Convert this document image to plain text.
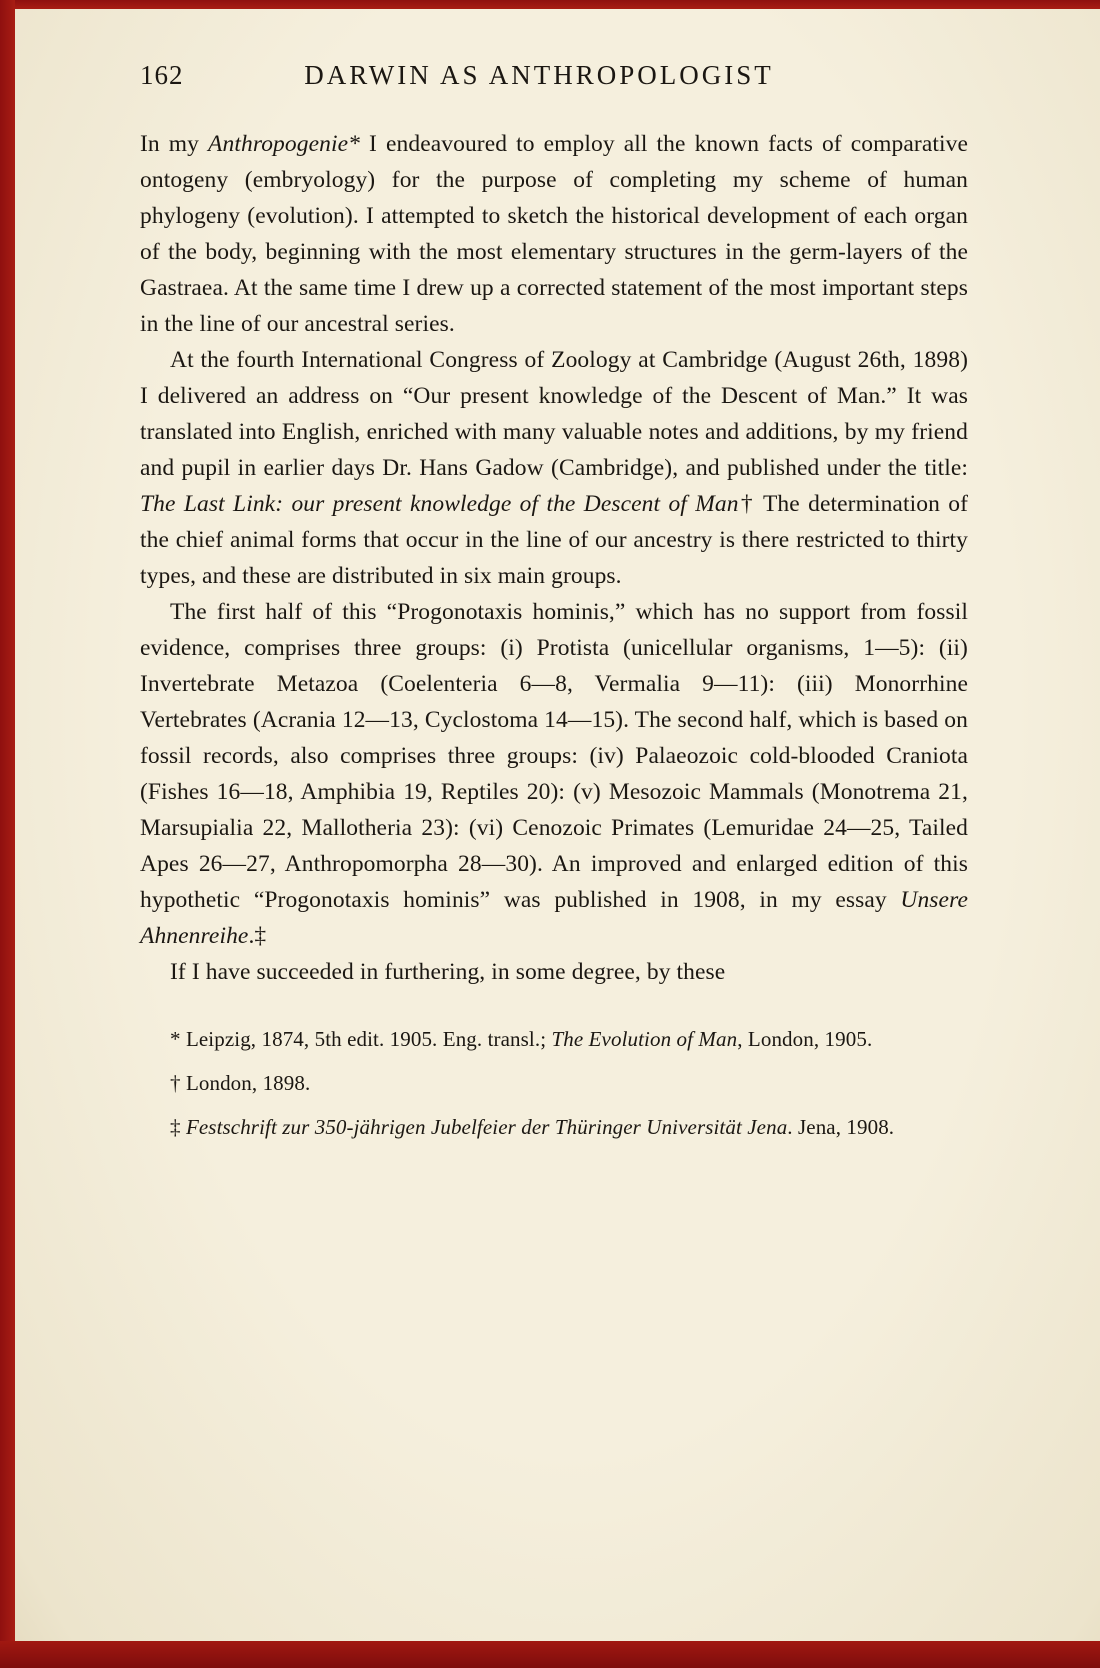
162	DARWIN AS ANTHROPOLOGIST

In my Anthropogenie* I endeavoured to employ all the known facts of comparative ontogeny (embryology) for the purpose of completing my scheme of human phylogeny (evolution). I attempted to sketch the historical development of each organ of the body, beginning with the most elementary structures in the germ-layers of the Gastraea. At the same time I drew up a corrected statement of the most important steps in the line of our ancestral series.

At the fourth International Congress of Zoology at Cambridge (August 26th, 1898) I delivered an address on “Our present knowledge of the Descent of Man.” It was translated into English, enriched with many valuable notes and additions, by my friend and pupil in earlier days Dr. Hans Gadow (Cambridge), and published under the title: The Last Link: our present knowledge of the Descent of Man† The determination of the chief animal forms that occur in the line of our ancestry is there restricted to thirty types, and these are distributed in six main groups.

The first half of this “Progonotaxis hominis,” which has no support from fossil evidence, comprises three groups: (i) Protista (unicellular organisms, 1—5): (ii) Invertebrate Metazoa (Coelenteria 6—8, Vermalia 9—11): (iii) Monorrhine Vertebrates (Acrania 12—13, Cyclostoma 14—15). The second half, which is based on fossil records, also comprises three groups: (iv) Palaeozoic cold-blooded Craniota (Fishes 16—18, Amphibia 19, Reptiles 20): (v) Mesozoic Mammals (Monotrema 21, Marsupialia 22, Mallotheria 23): (vi) Cenozoic Primates (Lemuridae 24—25, Tailed Apes 26—27, Anthropomorpha 28—30). An improved and enlarged edition of this hypothetic “Progonotaxis hominis” was published in 1908, in my essay Unsere Ahnenreihe.‡

If I have succeeded in furthering, in some degree, by these

* Leipzig, 1874, 5th edit. 1905. Eng. transl.; The Evolution of Man, London, 1905.

† London, 1898.

‡ Festschrift zur 350-jährigen Jubelfeier der Thüringer Universität Jena. Jena, 1908.
